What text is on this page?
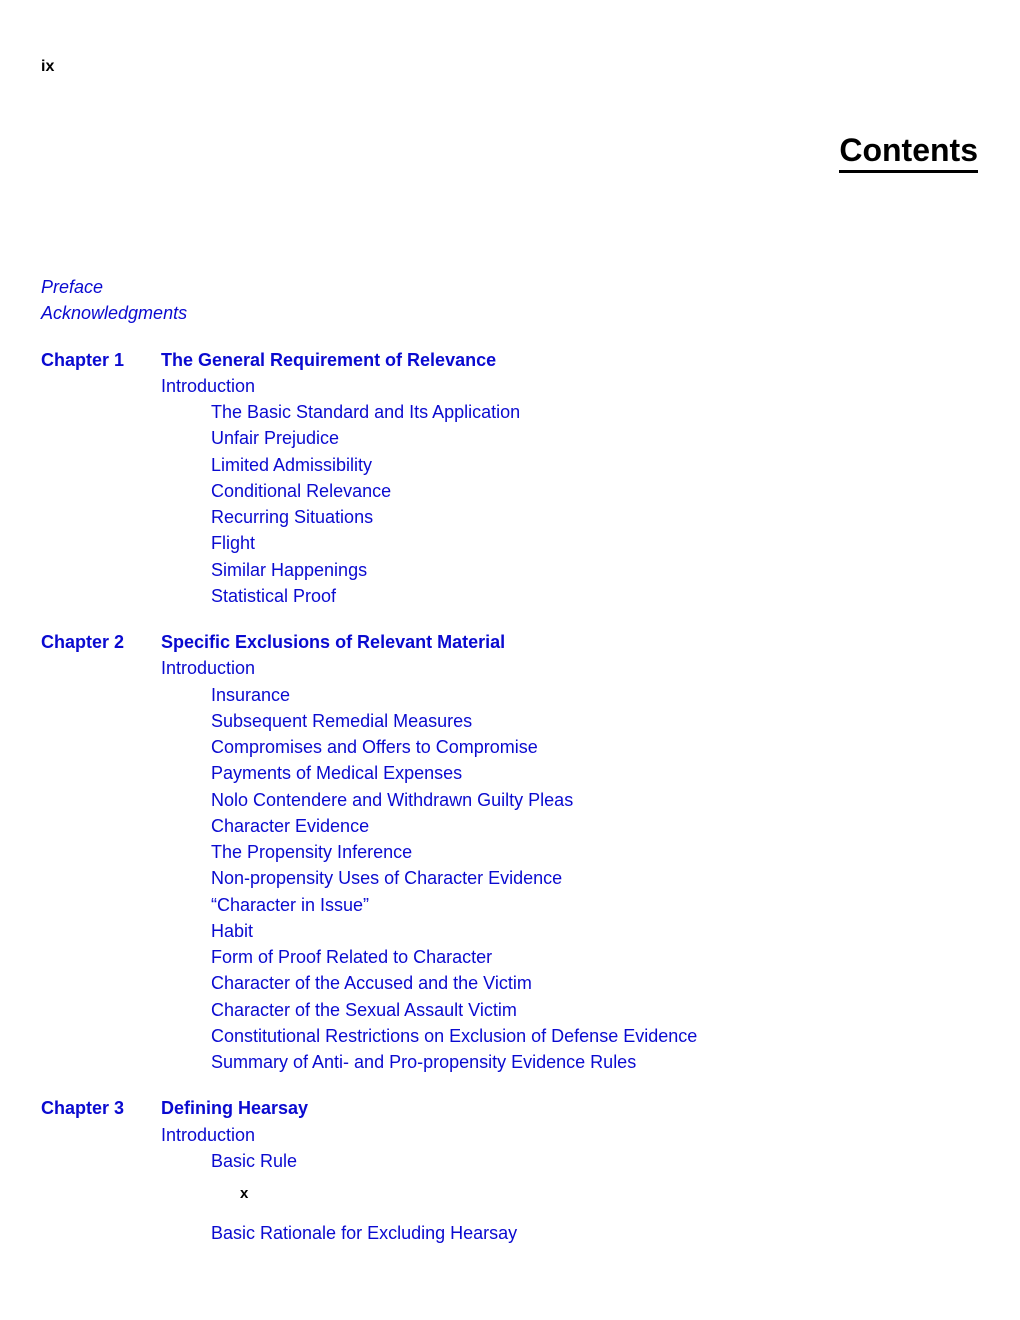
ix
Contents
Preface
Acknowledgments
Chapter 1 The General Requirement of Relevance
Introduction
The Basic Standard and Its Application
Unfair Prejudice
Limited Admissibility
Conditional Relevance
Recurring Situations
Flight
Similar Happenings
Statistical Proof
Chapter 2 Specific Exclusions of Relevant Material
Introduction
Insurance
Subsequent Remedial Measures
Compromises and Offers to Compromise
Payments of Medical Expenses
Nolo Contendere and Withdrawn Guilty Pleas
Character Evidence
The Propensity Inference
Non-propensity Uses of Character Evidence
“Character in Issue”
Habit
Form of Proof Related to Character
Character of the Accused and the Victim
Character of the Sexual Assault Victim
Constitutional Restrictions on Exclusion of Defense Evidence
Summary of Anti- and Pro-propensity Evidence Rules
Chapter 3 Defining Hearsay
Introduction
Basic Rule
x
Basic Rationale for Excluding Hearsay
